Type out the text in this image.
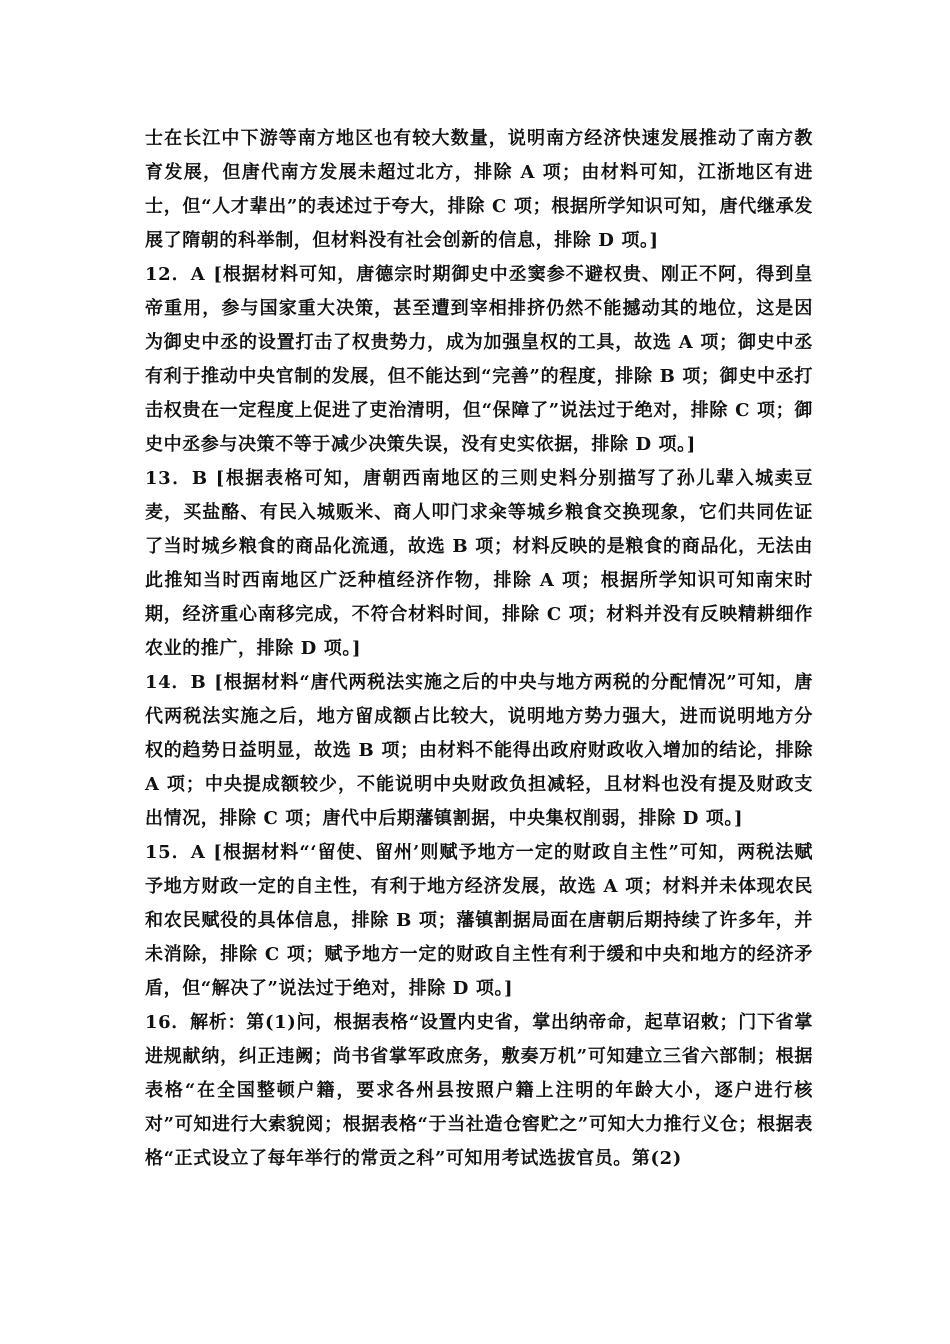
士在长江中下游等南方地区也有较大数量，说明南方经济快速发展推动了南方教育发展，但唐代南方发展未超过北方，排除 A 项；由材料可知，江浙地区有进士，但“人才辈出”的表述过于夸大，排除 C 项；根据所学知识可知，唐代继承发展了隋朝的科举制，但材料没有社会创新的信息，排除 D 项。]

12．A [根据材料可知，唐德宗时期御史中丞窦参不避权贵、刚正不阿，得到皇帝重用，参与国家重大决策，甚至遭到宰相排挤仍然不能撼动其的地位，这是因为御史中丞的设置打击了权贵势力，成为加强皇权的工具，故选 A 项；御史中丞有利于推动中央官制的发展，但不能达到“完善”的程度，排除 B 项；御史中丞打击权贵在一定程度上促进了吏治清明，但“保障了”说法过于绝对，排除 C 项；御史中丞参与决策不等于减少决策失误，没有史实依据，排除 D 项。]

13．B [根据表格可知，唐朝西南地区的三则史料分别描写了孙儿辈入城卖豆麦，买盐酪、有民入城贩米、商人叩门求籴等城乡粮食交换现象，它们共同佐证了当时城乡粮食的商品化流通，故选 B 项；材料反映的是粮食的商品化，无法由此推知当时西南地区广泛种植经济作物，排除 A 项；根据所学知识可知南宋时期，经济重心南移完成，不符合材料时间，排除 C 项；材料并没有反映精耕细作农业的推广，排除 D 项。]

14．B [根据材料“唐代两税法实施之后的中央与地方两税的分配情况”可知，唐代两税法实施之后，地方留成额占比较大，说明地方势力强大，进而说明地方分权的趋势日益明显，故选 B 项；由材料不能得出政府财政收入增加的结论，排除 A 项；中央提成额较少，不能说明中央财政负担减轻，且材料也没有提及财政支出情况，排除 C 项；唐代中后期藩镇割据，中央集权削弱，排除 D 项。]

15．A [根据材料“‘留使、留州’则赋予地方一定的财政自主性”可知，两税法赋予地方财政一定的自主性，有利于地方经济发展，故选 A 项；材料并未体现农民和农民赋役的具体信息，排除 B 项；藩镇割据局面在唐朝后期持续了许多年，并未消除，排除 C 项；赋予地方一定的财政自主性有利于缓和中央和地方的经济矛盾，但“解决了”说法过于绝对，排除 D 项。]

16．解析：第(1)问，根据表格“设置内史省，掌出纳帝命，起草诏敕；门下省掌进规献纳，纠正违阙；尚书省掌军政庶务，敷奏万机”可知建立三省六部制；根据表格“在全国整顿户籍，要求各州县按照户籍上注明的年龄大小，逐户进行核对”可知进行大索貌阅；根据表格“于当社造仓窖贮之”可知大力推行义仓；根据表格“正式设立了每年举行的常贡之科”可知用考试选拔官员。第(2)
